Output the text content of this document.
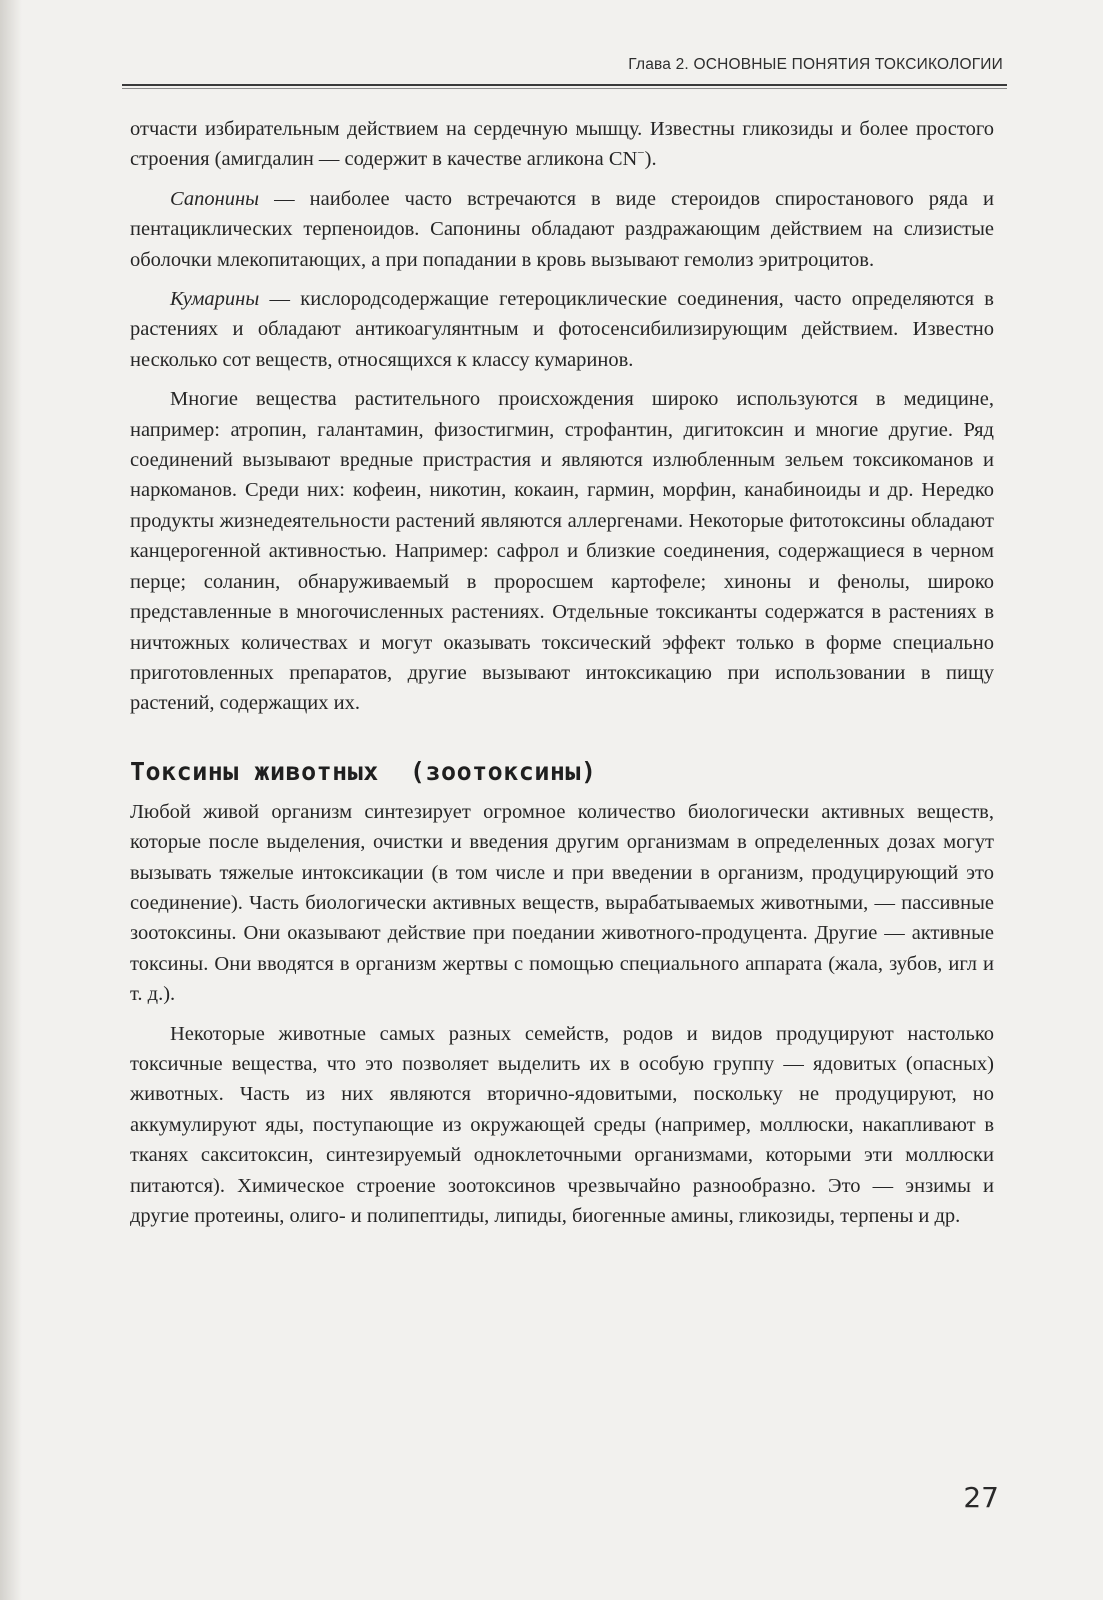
Глава 2. ОСНОВНЫЕ ПОНЯТИЯ ТОКСИКОЛОГИИ

отчасти избирательным действием на сердечную мышцу. Известны гликозиды и более простого строения (амигдалин — содержит в качестве агликона CN−).

Сапонины — наиболее часто встречаются в виде стероидов спиростанового ряда и пентациклических терпеноидов. Сапонины обладают раздражающим действием на слизистые оболочки млекопитающих, а при попадании в кровь вызывают гемолиз эритроцитов.

Кумарины — кислородсодержащие гетероциклические соединения, часто определяются в растениях и обладают антикоагулянтным и фотосенсибилизирующим действием. Известно несколько сот веществ, относящихся к классу кумаринов.

Многие вещества растительного происхождения широко используются в медицине, например: атропин, галантамин, физостигмин, строфантин, дигитоксин и многие другие. Ряд соединений вызывают вредные пристрастия и являются излюбленным зельем токсикоманов и наркоманов. Среди них: кофеин, никотин, кокаин, гармин, морфин, канабиноиды и др. Нередко продукты жизнедеятельности растений являются аллергенами. Некоторые фитотоксины обладают канцерогенной активностью. Например: сафрол и близкие соединения, содержащиеся в черном перце; соланин, обнаруживаемый в проросшем картофеле; хиноны и фенолы, широко представленные в многочисленных растениях. Отдельные токсиканты содержатся в растениях в ничтожных количествах и могут оказывать токсический эффект только в форме специально приготовленных препаратов, другие вызывают интоксикацию при использовании в пищу растений, содержащих их.

Токсины животных  (зоотоксины)

Любой живой организм синтезирует огромное количество биологически активных веществ, которые после выделения, очистки и введения другим организмам в определенных дозах могут вызывать тяжелые интоксикации (в том числе и при введении в организм, продуцирующий это соединение). Часть биологически активных веществ, вырабатываемых животными, — пассивные зоотоксины. Они оказывают действие при поедании животного-продуцента. Другие — активные токсины. Они вводятся в организм жертвы с помощью специального аппарата (жала, зубов, игл и т. д.).

Некоторые животные самых разных семейств, родов и видов продуцируют настолько токсичные вещества, что это позволяет выделить их в особую группу — ядовитых (опасных) животных. Часть из них являются вторично-ядовитыми, поскольку не продуцируют, но аккумулируют яды, поступающие из окружающей среды (например, моллюски, накапливают в тканях сакситоксин, синтезируемый одноклеточными организмами, которыми эти моллюски питаются). Химическое строение зоотоксинов чрезвычайно разнообразно. Это — энзимы и другие протеины, олиго- и полипептиды, липиды, биогенные амины, гликозиды, терпены и др.

27
